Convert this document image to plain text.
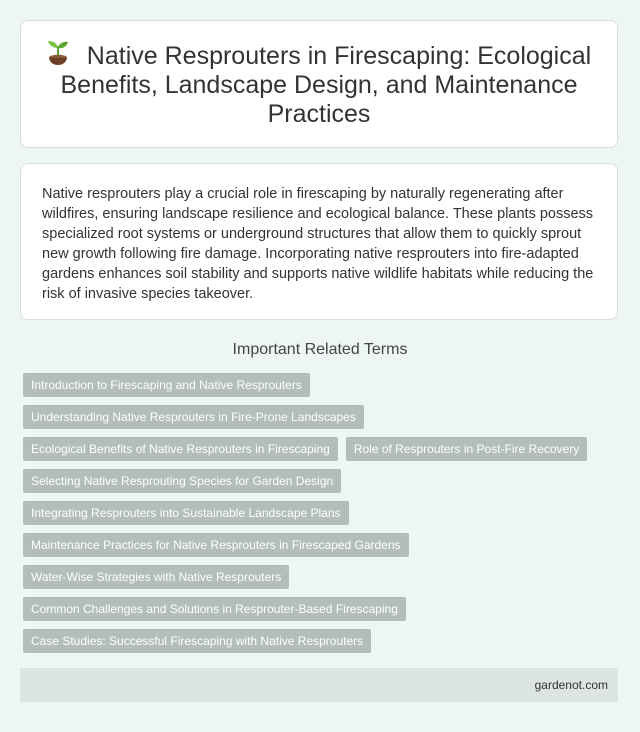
Native Resprouters in Firescaping: Ecological Benefits, Landscape Design, and Maintenance Practices

Native resprouters play a crucial role in firescaping by naturally regenerating after wildfires, ensuring landscape resilience and ecological balance. These plants possess specialized root systems or underground structures that allow them to quickly sprout new growth following fire damage. Incorporating native resprouters into fire-adapted gardens enhances soil stability and supports native wildlife habitats while reducing the risk of invasive species takeover.

Important Related Terms
Introduction to Firescaping and Native Resprouters
Understanding Native Resprouters in Fire-Prone Landscapes
Ecological Benefits of Native Resprouters in Firescaping	Role of Resprouters in Post-Fire Recovery
Selecting Native Resprouting Species for Garden Design
Integrating Resprouters into Sustainable Landscape Plans
Maintenance Practices for Native Resprouters in Firescaped Gardens
Water-Wise Strategies with Native Resprouters
Common Challenges and Solutions in Resprouter-Based Firescaping
Case Studies: Successful Firescaping with Native Resprouters
gardenot.com
